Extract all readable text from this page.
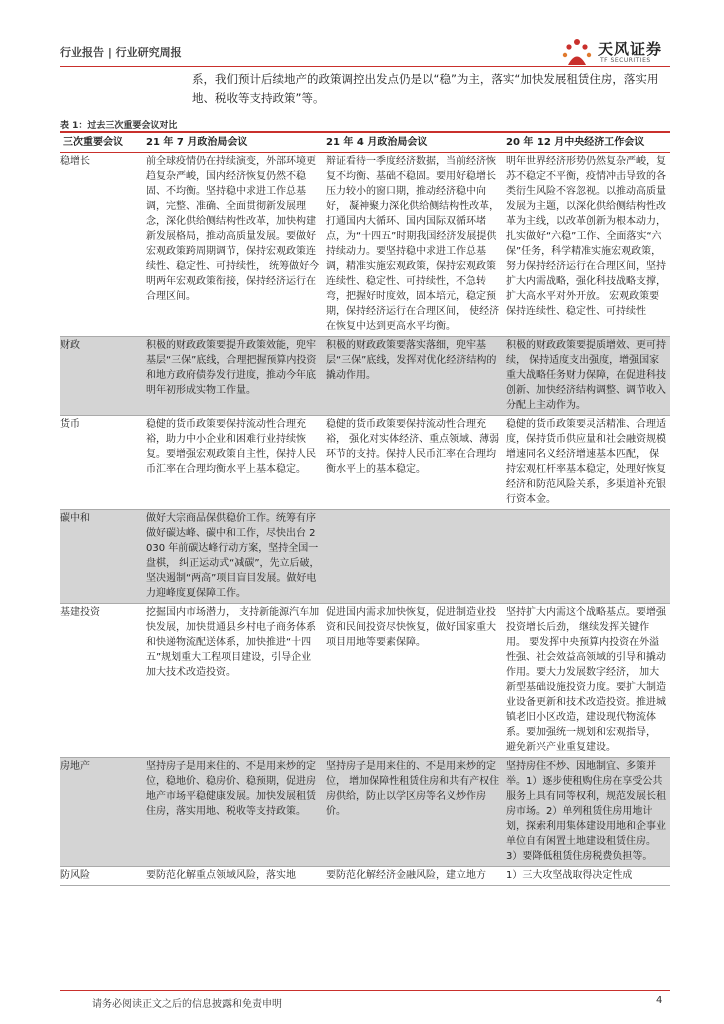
行业报告 | 行业研究周报	天风证券
TF SECURITIES
系，我们预计后续地产的政策调控出发点仍是以“稳”为主，落实“加快发展租赁住房，落实用地、税收等支持政策”等。
表 1：过去三次重要会议对比
三次重要会议	21 年 7 月政治局会议	21 年 4 月政治局会议	20 年 12 月中央经济工作会议
稳增长	前全球疫情仍在持续演变，外部环境更趋复杂严峻，国内经济恢复仍然不稳固、不均衡。坚持稳中求进工作总基调，完整、准确、全面贯彻新发展理念，深化供给侧结构性改革，加快构建新发展格局，推动高质量发展。要做好宏观政策跨周期调节，保持宏观政策连续性、稳定性、可持续性， 统筹做好今明两年宏观政策衔接，保持经济运行在合理区间。	辩证看待一季度经济数据，当前经济恢复不均衡、基础不稳固。要用好稳增长压力较小的窗口期，推动经济稳中向好， 凝神聚力深化供给侧结构性改革，打通国内大循环、国内国际双循环堵点，为“十四五”时期我国经济发展提供持续动力。要坚持稳中求进工作总基调，精准实施宏观政策，保持宏观政策连续性、稳定性、可持续性，不急转弯，把握好时度效，固本培元，稳定预期，保持经济运行在合理区间， 使经济在恢复中达到更高水平均衡。	明年世界经济形势仍然复杂严峻，复苏不稳定不平衡，疫情冲击导致的各类衍生风险不容忽视。以推动高质量发展为主题，以深化供给侧结构性改革为主线，以改革创新为根本动力，扎实做好“六稳”工作、全面落实“六保”任务，科学精准实施宏观政策，努力保持经济运行在合理区间，坚持扩大内需战略，强化科技战略支撑，扩大高水平对外开放。 宏观政策要保持连续性、稳定性、可持续性
财政	积极的财政政策要提升政策效能，兜牢基层“三保”底线，合理把握预算内投资和地方政府债券发行进度，推动今年底明年初形成实物工作量。	积极的财政政策要落实落细，兜牢基层“三保”底线，发挥对优化经济结构的撬动作用。	积极的财政政策要提质增效、更可持续， 保持适度支出强度，增强国家重大战略任务财力保障，在促进科技创新、加快经济结构调整、调节收入分配上主动作为。
货币	稳健的货币政策要保持流动性合理充裕，助力中小企业和困难行业持续恢复。要增强宏观政策自主性，保持人民币汇率在合理均衡水平上基本稳定。	稳健的货币政策要保持流动性合理充裕， 强化对实体经济、重点领域、薄弱环节的支持。保持人民币汇率在合理均衡水平上的基本稳定。	稳健的货币政策要灵活精准、合理适度，保持货币供应量和社会融资规模增速同名义经济增速基本匹配， 保持宏观杠杆率基本稳定，处理好恢复经济和防范风险关系，多渠道补充银行资本金。
碳中和	做好大宗商品保供稳价工作。统筹有序做好碳达峰、碳中和工作，尽快出台 2030 年前碳达峰行动方案，坚持全国一盘棋， 纠正运动式“减碳”，先立后破，坚决遏制“两高”项目盲目发展。做好电力迎峰度夏保障工作。		
基建投资	挖掘国内市场潜力， 支持新能源汽车加快发展，加快贯通县乡村电子商务体系和快递物流配送体系，加快推进“十四五”规划重大工程项目建设，引导企业加大技术改造投资。	促进国内需求加快恢复，促进制造业投资和民间投资尽快恢复，做好国家重大项目用地等要素保障。	坚持扩大内需这个战略基点。要增强投资增长后劲， 继续发挥关键作用。 要发挥中央预算内投资在外溢性强、社会效益高领域的引导和撬动作用。要大力发展数字经济， 加大新型基础设施投资力度。要扩大制造业设备更新和技术改造投资。推进城镇老旧小区改造，建设现代物流体系。要加强统一规划和宏观指导， 避免新兴产业重复建设。
房地产	坚持房子是用来住的、不是用来炒的定位，稳地价、稳房价、稳预期，促进房地产市场平稳健康发展。加快发展租赁住房，落实用地、税收等支持政策。	坚持房子是用来住的、不是用来炒的定位， 增加保障性租赁住房和共有产权住房供给，防止以学区房等名义炒作房价。	坚持房住不炒、因地制宜、多策并举。1）逐步使租购住房在享受公共服务上具有同等权利，规范发展长租房市场。2）单列租赁住房用地计划，探索利用集体建设用地和企事业单位自有闲置土地建设租赁住房。3）要降低租赁住房税费负担等。
防风险	要防范化解重点领域风险，落实地	要防范化解经济金融风险，建立地方	1）三大攻坚战取得决定性成
请务必阅读正文之后的信息披露和免责申明	4
